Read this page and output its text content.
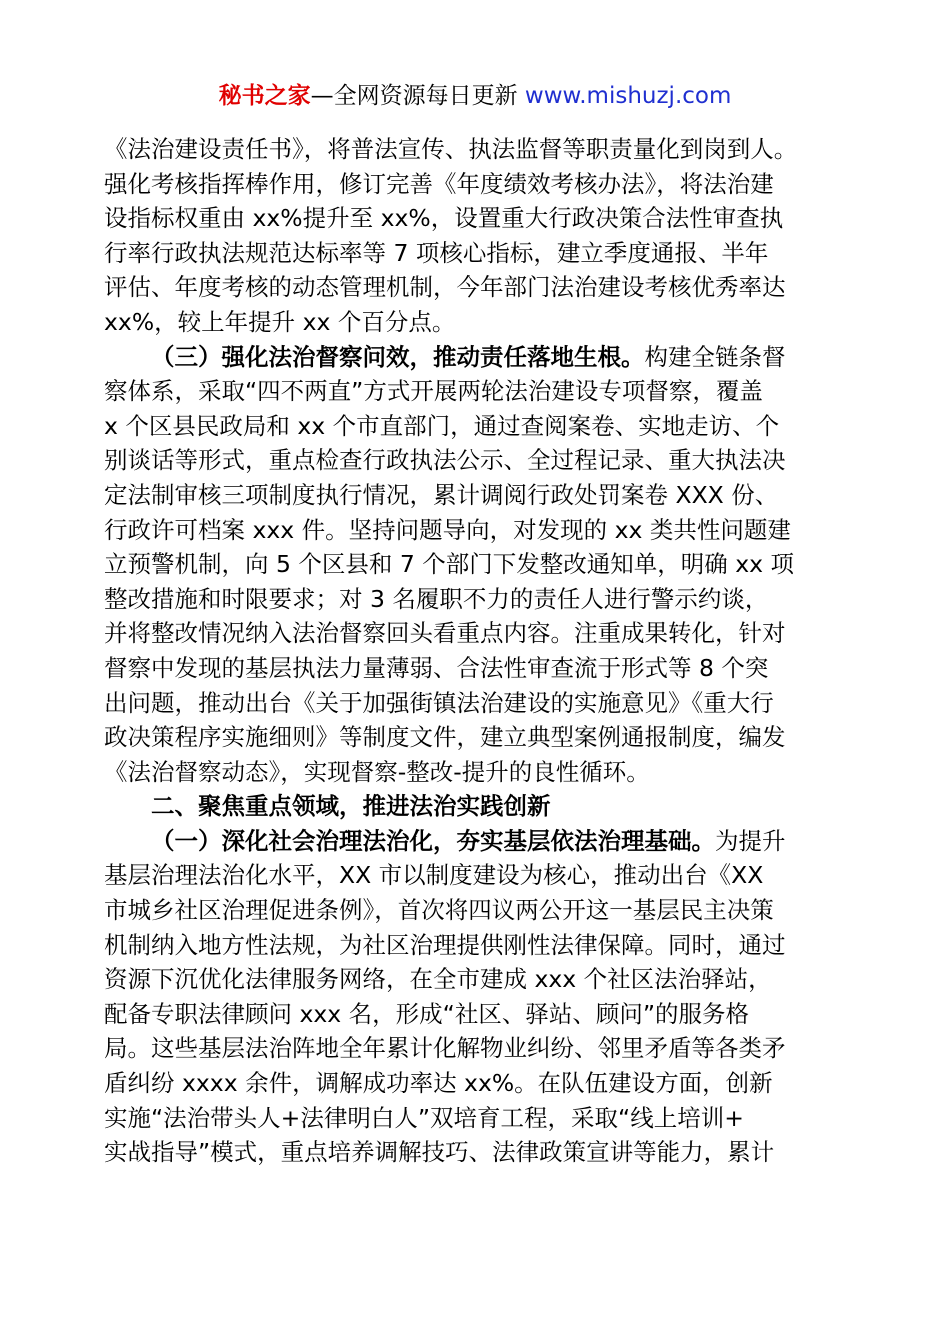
秘书之家—全网资源每日更新 www.mishuzj.com
《法治建设责任书》，将普法宣传、执法监督等职责量化到岗到人。
强化考核指挥棒作用，修订完善《年度绩效考核办法》，将法治建
设指标权重由 xx%提升至 xx%，设置重大行政决策合法性审查执
行率行政执法规范达标率等 7 项核心指标，建立季度通报、半年
评估、年度考核的动态管理机制，今年部门法治建设考核优秀率达
xx%，较上年提升 xx 个百分点。
（三）强化法治督察问效，推动责任落地生根。构建全链条督
察体系，采取“四不两直”方式开展两轮法治建设专项督察，覆盖
x 个区县民政局和 xx 个市直部门，通过查阅案卷、实地走访、个
别谈话等形式，重点检查行政执法公示、全过程记录、重大执法决
定法制审核三项制度执行情况，累计调阅行政处罚案卷 XXX 份、
行政许可档案 xxx 件。坚持问题导向，对发现的 xx 类共性问题建
立预警机制，向 5 个区县和 7 个部门下发整改通知单，明确 xx 项
整改措施和时限要求；对 3 名履职不力的责任人进行警示约谈，
并将整改情况纳入法治督察回头看重点内容。注重成果转化，针对
督察中发现的基层执法力量薄弱、合法性审查流于形式等 8 个突
出问题，推动出台《关于加强街镇法治建设的实施意见》《重大行
政决策程序实施细则》等制度文件，建立典型案例通报制度，编发
《法治督察动态》，实现督察-整改-提升的良性循环。
二、聚焦重点领域，推进法治实践创新
（一）深化社会治理法治化，夯实基层依法治理基础。为提升
基层治理法治化水平，XX 市以制度建设为核心，推动出台《XX
市城乡社区治理促进条例》，首次将四议两公开这一基层民主决策
机制纳入地方性法规，为社区治理提供刚性法律保障。同时，通过
资源下沉优化法律服务网络，在全市建成 xxx 个社区法治驿站，
配备专职法律顾问 xxx 名，形成“社区、驿站、顾问”的服务格
局。这些基层法治阵地全年累计化解物业纠纷、邻里矛盾等各类矛
盾纠纷 xxxx 余件，调解成功率达 xx%。在队伍建设方面，创新
实施“法治带头人+法律明白人”双培育工程，采取“线上培训+
实战指导”模式，重点培养调解技巧、法律政策宣讲等能力，累计
